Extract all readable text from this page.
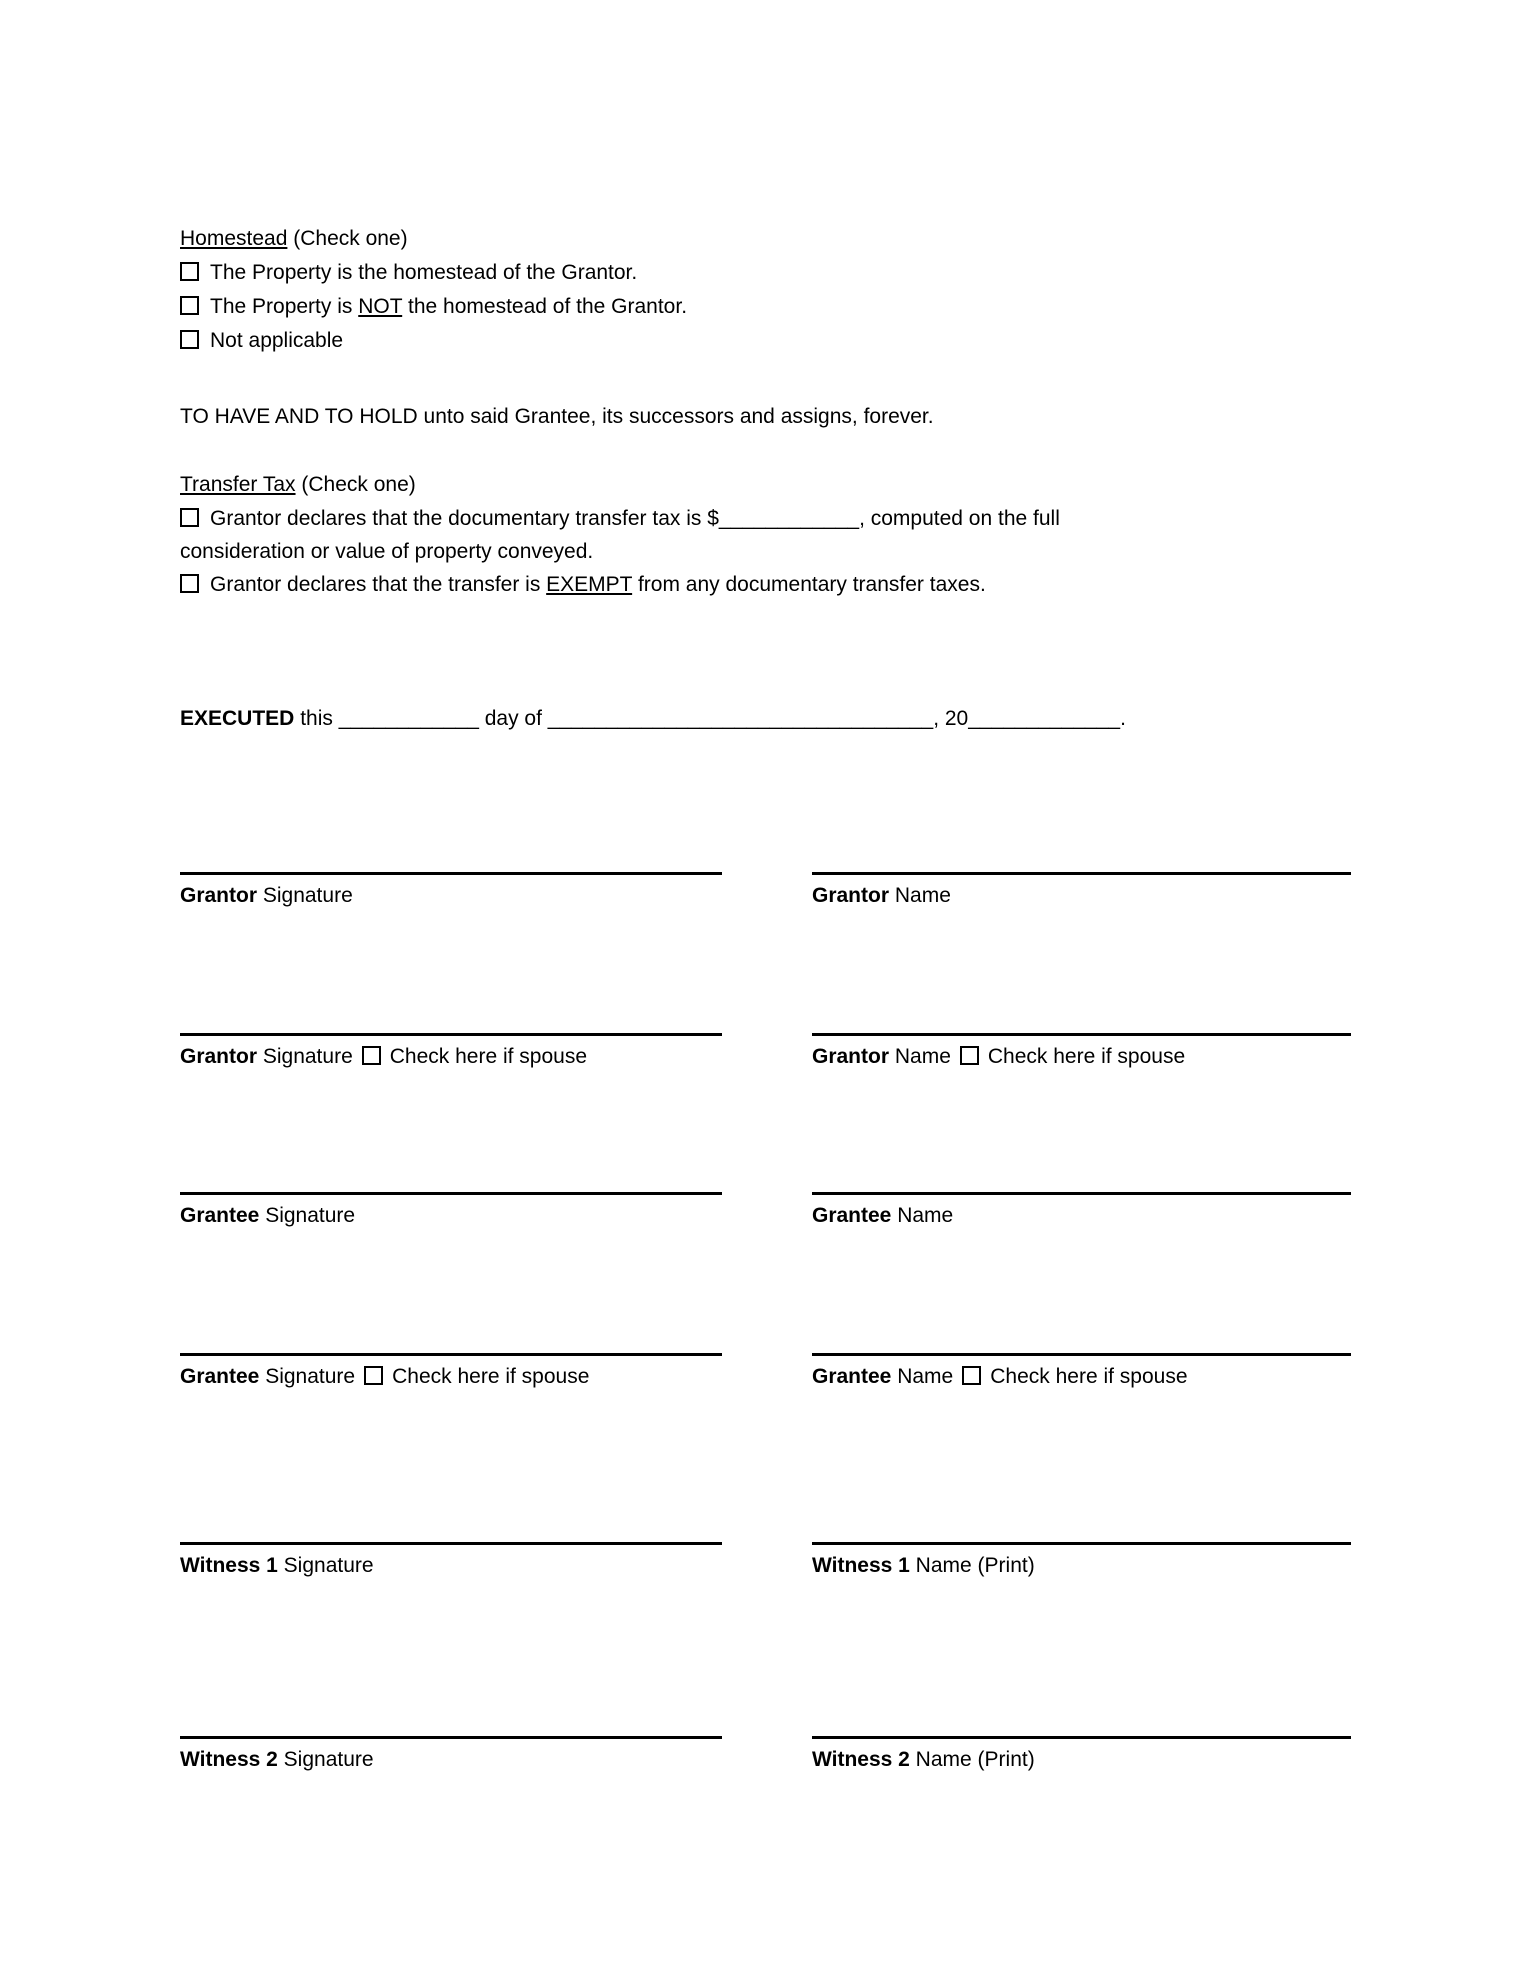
Homestead (Check one)
The Property is the homestead of the Grantor.
The Property is NOT the homestead of the Grantor.
Not applicable
TO HAVE AND TO HOLD unto said Grantee, its successors and assigns, forever.
Transfer Tax (Check one)
Grantor declares that the documentary transfer tax is $____________, computed on the full
consideration or value of property conveyed.
Grantor declares that the transfer is EXEMPT from any documentary transfer taxes.
EXECUTED this ____________ day of _________________________________, 20_____________.
Grantor Signature	Grantor Name
Grantor Signature Check here if spouse	Grantor Name Check here if spouse
Grantee Signature	Grantee Name
Grantee Signature Check here if spouse	Grantee Name Check here if spouse
Witness 1 Signature	Witness 1 Name (Print)
Witness 2 Signature	Witness 2 Name (Print)
